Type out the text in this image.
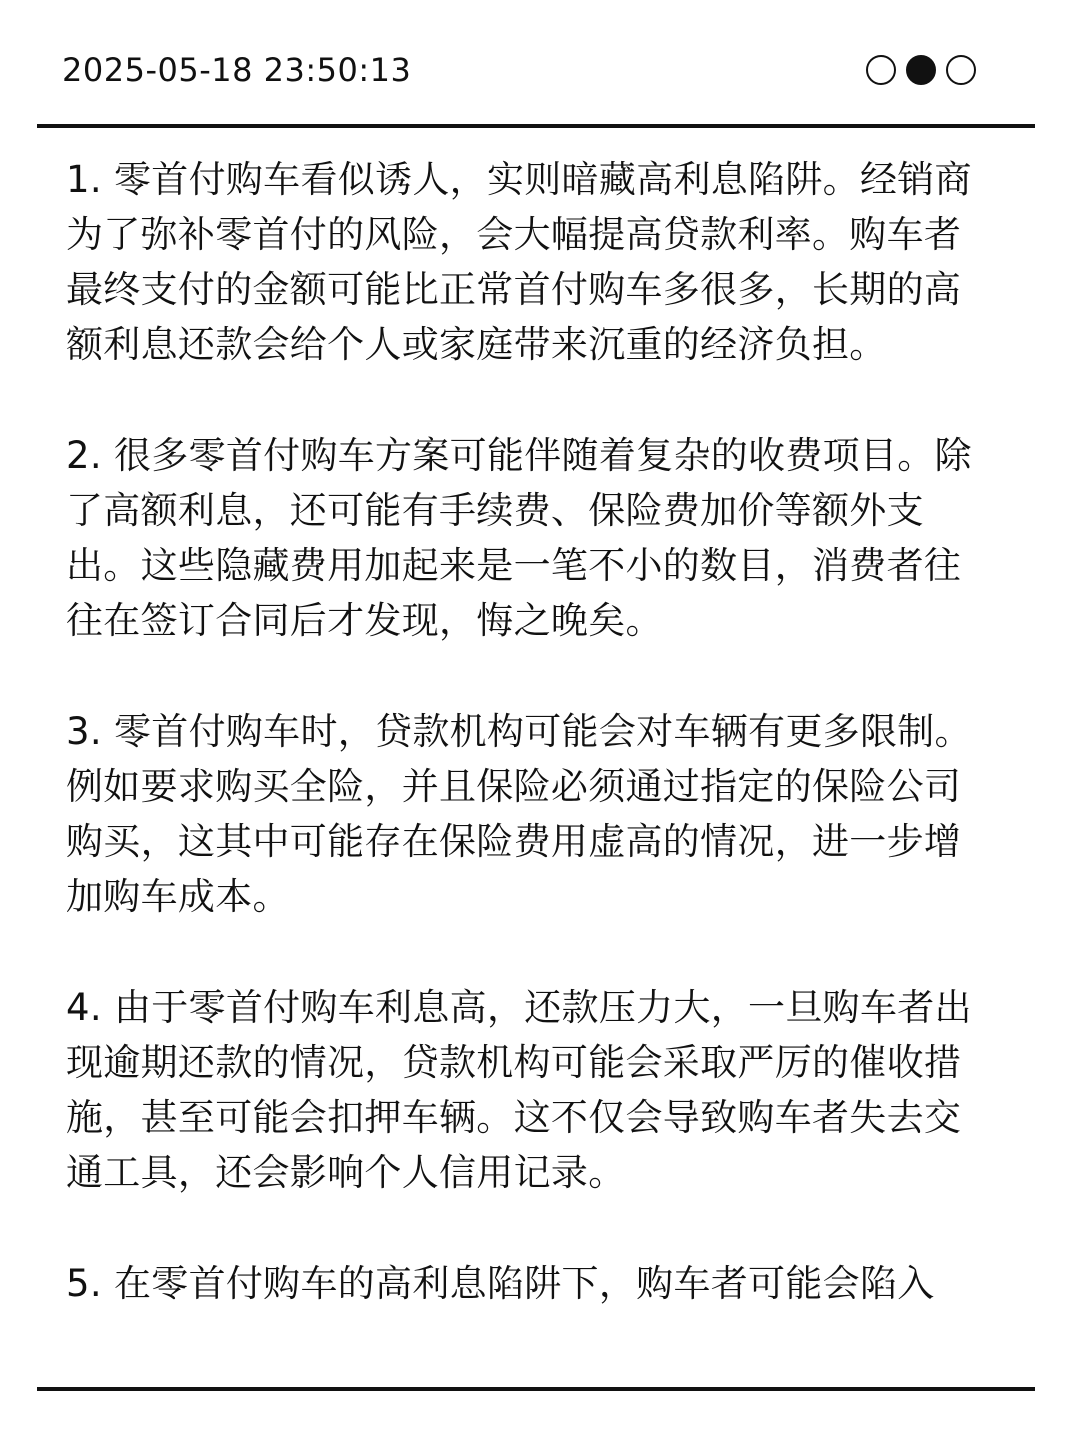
2025-05-18 23:50:13

1. 零首付购车看似诱人，实则暗藏高利息陷阱。经销商为了弥补零首付的风险，会大幅提高贷款利率。购车者最终支付的金额可能比正常首付购车多很多，长期的高额利息还款会给个人或家庭带来沉重的经济负担。

2. 很多零首付购车方案可能伴随着复杂的收费项目。除了高额利息，还可能有手续费、保险费加价等额外支出。这些隐藏费用加起来是一笔不小的数目，消费者往往在签订合同后才发现，悔之晚矣。

3. 零首付购车时，贷款机构可能会对车辆有更多限制。例如要求购买全险，并且保险必须通过指定的保险公司购买，这其中可能存在保险费用虚高的情况，进一步增加购车成本。

4. 由于零首付购车利息高，还款压力大，一旦购车者出现逾期还款的情况，贷款机构可能会采取严厉的催收措施，甚至可能会扣押车辆。这不仅会导致购车者失去交通工具，还会影响个人信用记录。

5. 在零首付购车的高利息陷阱下，购车者可能会陷入
